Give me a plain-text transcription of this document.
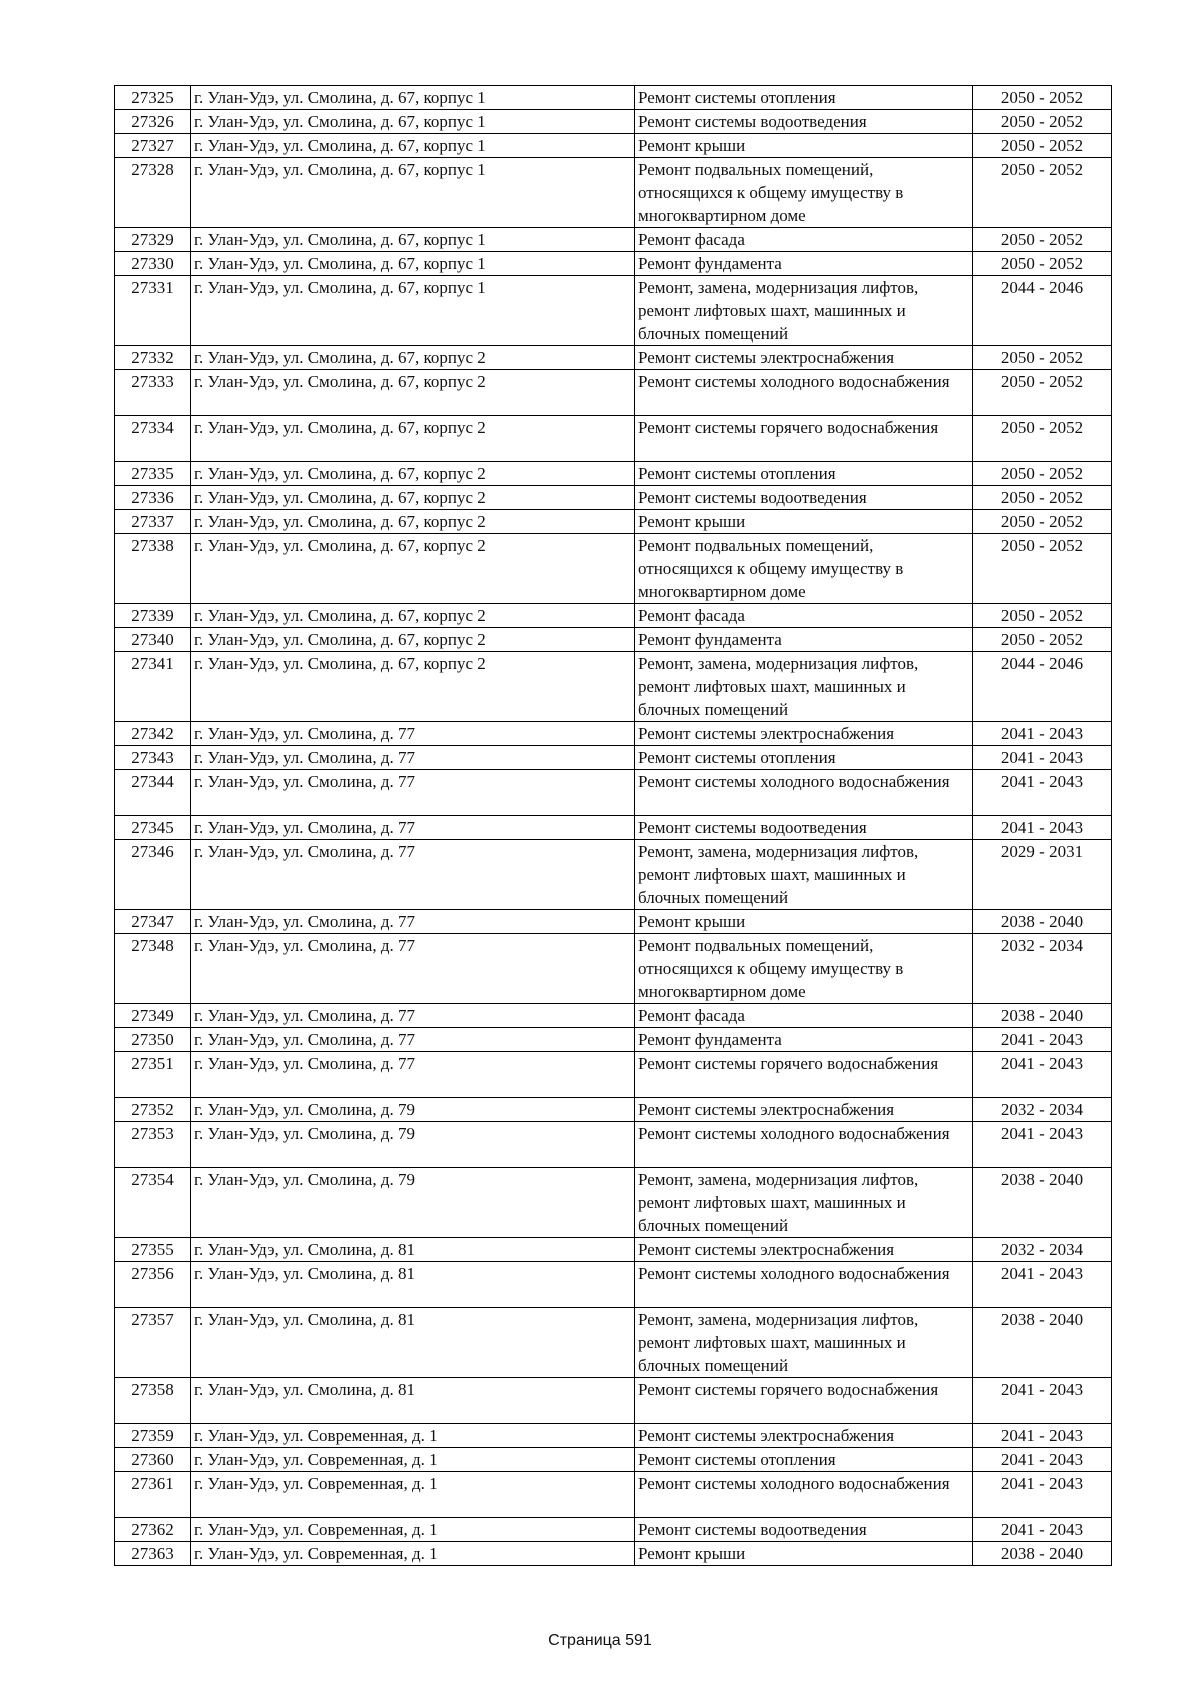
27325	г. Улан-Удэ, ул. Смолина, д. 67, корпус 1	Ремонт системы отопления	2050 - 2052
27326	г. Улан-Удэ, ул. Смолина, д. 67, корпус 1	Ремонт системы водоотведения	2050 - 2052
27327	г. Улан-Удэ, ул. Смолина, д. 67, корпус 1	Ремонт крыши	2050 - 2052
27328	г. Улан-Удэ, ул. Смолина, д. 67, корпус 1	Ремонт подвальных помещений, относящихся к общему имуществу в многоквартирном доме	2050 - 2052
27329	г. Улан-Удэ, ул. Смолина, д. 67, корпус 1	Ремонт фасада	2050 - 2052
27330	г. Улан-Удэ, ул. Смолина, д. 67, корпус 1	Ремонт фундамента	2050 - 2052
27331	г. Улан-Удэ, ул. Смолина, д. 67, корпус 1	Ремонт, замена, модернизация лифтов, ремонт лифтовых шахт, машинных и блочных помещений	2044 - 2046
27332	г. Улан-Удэ, ул. Смолина, д. 67, корпус 2	Ремонт системы электроснабжения	2050 - 2052
27333	г. Улан-Удэ, ул. Смолина, д. 67, корпус 2	Ремонт системы холодного водоснабжения	2050 - 2052
27334	г. Улан-Удэ, ул. Смолина, д. 67, корпус 2	Ремонт системы горячего водоснабжения	2050 - 2052
27335	г. Улан-Удэ, ул. Смолина, д. 67, корпус 2	Ремонт системы отопления	2050 - 2052
27336	г. Улан-Удэ, ул. Смолина, д. 67, корпус 2	Ремонт системы водоотведения	2050 - 2052
27337	г. Улан-Удэ, ул. Смолина, д. 67, корпус 2	Ремонт крыши	2050 - 2052
27338	г. Улан-Удэ, ул. Смолина, д. 67, корпус 2	Ремонт подвальных помещений, относящихся к общему имуществу в многоквартирном доме	2050 - 2052
27339	г. Улан-Удэ, ул. Смолина, д. 67, корпус 2	Ремонт фасада	2050 - 2052
27340	г. Улан-Удэ, ул. Смолина, д. 67, корпус 2	Ремонт фундамента	2050 - 2052
27341	г. Улан-Удэ, ул. Смолина, д. 67, корпус 2	Ремонт, замена, модернизация лифтов, ремонт лифтовых шахт, машинных и блочных помещений	2044 - 2046
27342	г. Улан-Удэ, ул. Смолина, д. 77	Ремонт системы электроснабжения	2041 - 2043
27343	г. Улан-Удэ, ул. Смолина, д. 77	Ремонт системы отопления	2041 - 2043
27344	г. Улан-Удэ, ул. Смолина, д. 77	Ремонт системы холодного водоснабжения	2041 - 2043
27345	г. Улан-Удэ, ул. Смолина, д. 77	Ремонт системы водоотведения	2041 - 2043
27346	г. Улан-Удэ, ул. Смолина, д. 77	Ремонт, замена, модернизация лифтов, ремонт лифтовых шахт, машинных и блочных помещений	2029 - 2031
27347	г. Улан-Удэ, ул. Смолина, д. 77	Ремонт крыши	2038 - 2040
27348	г. Улан-Удэ, ул. Смолина, д. 77	Ремонт подвальных помещений, относящихся к общему имуществу в многоквартирном доме	2032 - 2034
27349	г. Улан-Удэ, ул. Смолина, д. 77	Ремонт фасада	2038 - 2040
27350	г. Улан-Удэ, ул. Смолина, д. 77	Ремонт фундамента	2041 - 2043
27351	г. Улан-Удэ, ул. Смолина, д. 77	Ремонт системы горячего водоснабжения	2041 - 2043
27352	г. Улан-Удэ, ул. Смолина, д. 79	Ремонт системы электроснабжения	2032 - 2034
27353	г. Улан-Удэ, ул. Смолина, д. 79	Ремонт системы холодного водоснабжения	2041 - 2043
27354	г. Улан-Удэ, ул. Смолина, д. 79	Ремонт, замена, модернизация лифтов, ремонт лифтовых шахт, машинных и блочных помещений	2038 - 2040
27355	г. Улан-Удэ, ул. Смолина, д. 81	Ремонт системы электроснабжения	2032 - 2034
27356	г. Улан-Удэ, ул. Смолина, д. 81	Ремонт системы холодного водоснабжения	2041 - 2043
27357	г. Улан-Удэ, ул. Смолина, д. 81	Ремонт, замена, модернизация лифтов, ремонт лифтовых шахт, машинных и блочных помещений	2038 - 2040
27358	г. Улан-Удэ, ул. Смолина, д. 81	Ремонт системы горячего водоснабжения	2041 - 2043
27359	г. Улан-Удэ, ул. Современная, д. 1	Ремонт системы электроснабжения	2041 - 2043
27360	г. Улан-Удэ, ул. Современная, д. 1	Ремонт системы отопления	2041 - 2043
27361	г. Улан-Удэ, ул. Современная, д. 1	Ремонт системы холодного водоснабжения	2041 - 2043
27362	г. Улан-Удэ, ул. Современная, д. 1	Ремонт системы водоотведения	2041 - 2043
27363	г. Улан-Удэ, ул. Современная, д. 1	Ремонт крыши	2038 - 2040
Страница 591
